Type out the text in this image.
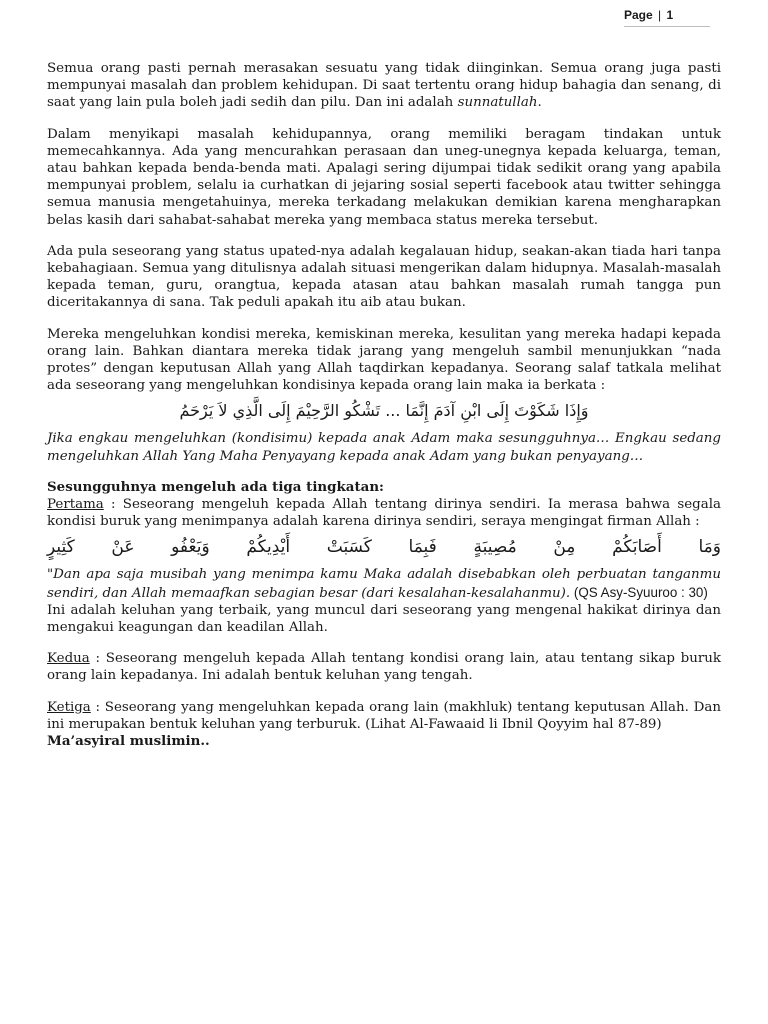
Page | 1

Semua orang pasti pernah merasakan sesuatu yang tidak diinginkan. Semua orang juga pasti mempunyai masalah dan problem kehidupan. Di saat tertentu orang hidup bahagia dan senang, di saat yang lain pula boleh jadi sedih dan pilu. Dan ini adalah sunnatullah.

Dalam menyikapi masalah kehidupannya, orang memiliki beragam tindakan untuk memecahkannya. Ada yang mencurahkan perasaan dan uneg-unegnya kepada keluarga, teman, atau bahkan kepada benda-benda mati. Apalagi sering dijumpai tidak sedikit orang yang apabila mempunyai problem, selalu ia curhatkan di jejaring sosial seperti facebook atau twitter sehingga semua manusia mengetahuinya, mereka terkadang melakukan demikian karena mengharapkan belas kasih dari sahabat-sahabat mereka yang membaca status mereka tersebut.

Ada pula seseorang yang status upated-nya adalah kegalauan hidup, seakan-akan tiada hari tanpa kebahagiaan. Semua yang ditulisnya adalah situasi mengerikan dalam hidupnya. Masalah-masalah kepada teman, guru, orangtua, kepada atasan atau bahkan masalah rumah tangga pun diceritakannya di sana. Tak peduli apakah itu aib atau bukan.

Mereka mengeluhkan kondisi mereka, kemiskinan mereka, kesulitan yang mereka hadapi kepada orang lain. Bahkan diantara mereka tidak jarang yang mengeluh sambil menunjukkan “nada protes” dengan keputusan Allah yang Allah taqdirkan kepadanya. Seorang salaf tatkala melihat ada seseorang yang mengeluhkan kondisinya kepada orang lain maka ia berkata :

وَإِذَا شَكَوْتَ إِلَى ابْنِ آدَمَ إِنَّمَا ... تَشْكُو الرَّحِيْمَ إِلَى الَّذِي لاَ يَرْحَمُ

Jika engkau mengeluhkan (kondisimu) kepada anak Adam maka sesungguhnya… Engkau sedang mengeluhkan Allah Yang Maha Penyayang kepada anak Adam yang bukan penyayang…

Sesungguhnya mengeluh ada tiga tingkatan:

Pertama : Seseorang mengeluh kepada Allah tentang dirinya sendiri. Ia merasa bahwa segala kondisi buruk yang menimpanya adalah karena dirinya sendiri, seraya mengingat firman Allah :

وَمَا أَصَابَكُمْ مِنْ مُصِيبَةٍ فَبِمَا كَسَبَتْ أَيْدِيكُمْ وَيَعْفُو عَنْ كَثِيرٍ

"Dan apa saja musibah yang menimpa kamu Maka adalah disebabkan oleh perbuatan tanganmu sendiri, dan Allah memaafkan sebagian besar (dari kesalahan-kesalahanmu). (QS Asy-Syuuroo : 30)

Ini adalah keluhan yang terbaik, yang muncul dari seseorang yang mengenal hakikat dirinya dan mengakui keagungan dan keadilan Allah.

Kedua : Seseorang mengeluh kepada Allah tentang kondisi orang lain, atau tentang sikap buruk orang lain kepadanya. Ini adalah bentuk keluhan yang tengah.

Ketiga : Seseorang yang mengeluhkan kepada orang lain (makhluk) tentang keputusan Allah. Dan ini merupakan bentuk keluhan yang terburuk. (Lihat Al-Fawaaid li Ibnil Qoyyim hal 87-89)

Ma’asyiral muslimin..
